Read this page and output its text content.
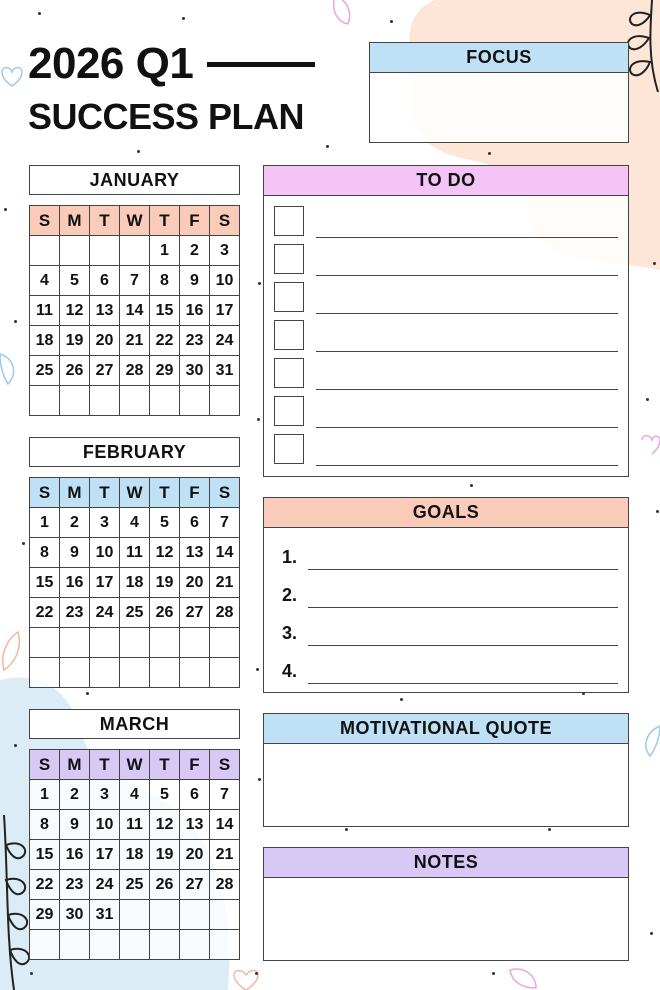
2026 Q1
SUCCESS PLAN
FOCUS
JANUARY
S	M	T	W	T	F	S
				1	2	3
4	5	6	7	8	9	10
11	12	13	14	15	16	17
18	19	20	21	22	23	24
25	26	27	28	29	30	31

FEBRUARY
S	M	T	W	T	F	S
1	2	3	4	5	6	7
8	9	10	11	12	13	14
15	16	17	18	19	20	21
22	23	24	25	26	27	28

MARCH
S	M	T	W	T	F	S
1	2	3	4	5	6	7
8	9	10	11	12	13	14
15	16	17	18	19	20	21
22	23	24	25	26	27	28
29	30	31				

TO DO
GOALS
1.
2.
3.
4.
MOTIVATIONAL QUOTE
NOTES
